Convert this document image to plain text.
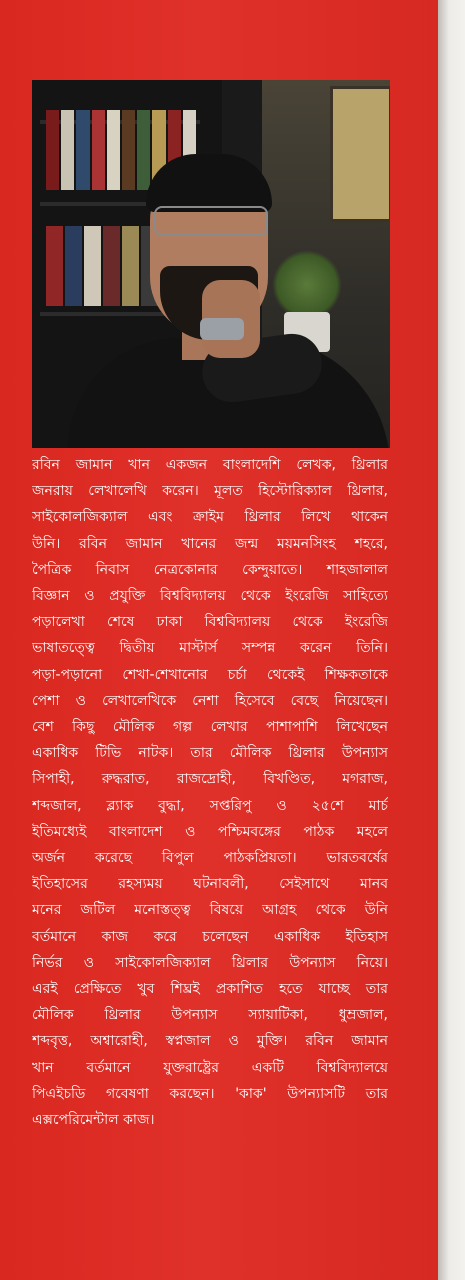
রবিন জামান খান একজন বাংলাদেশি লেখক, থ্রিলার
জনরায় লেখালেখি করেন। মূলত হিস্টোরিক্যাল থ্রিলার,
সাইকোলজিক্যাল এবং ক্রাইম থ্রিলার লিখে থাকেন
উনি। রবিন জামান খানের জন্ম ময়মনসিংহ শহরে,
পৈত্রিক নিবাস নেত্রকোনার কেন্দুয়াতে। শাহজালাল
বিজ্ঞান ও প্রযুক্তি বিশ্ববিদ্যালয় থেকে ইংরেজি সাহিত্যে
পড়ালেখা শেষে ঢাকা বিশ্ববিদ্যালয় থেকে ইংরেজি
ভাষাতত্ত্বে দ্বিতীয় মাস্টার্স সম্পন্ন করেন তিনি।
পড়া-পড়ানো শেখা-শেখানোর চর্চা থেকেই শিক্ষকতাকে
পেশা ও লেখালেখিকে নেশা হিসেবে বেছে নিয়েছেন।
বেশ কিছু মৌলিক গল্প লেখার পাশাপাশি লিখেছেন
একাধিক টিভি নাটক। তার মৌলিক থ্রিলার উপন্যাস
সিপাহী, রুদ্ধরাত, রাজদ্রোহী, বিখণ্ডিত, মগরাজ,
শব্দজাল, ব্ল্যাক বুদ্ধা, সপ্তরিপু ও ২৫শে মার্চ
ইতিমধ্যেই বাংলাদেশ ও পশ্চিমবঙ্গের পাঠক মহলে
অর্জন করেছে বিপুল পাঠকপ্রিয়তা। ভারতবর্ষের
ইতিহাসের রহস্যময় ঘটনাবলী, সেইসাথে মানব
মনের জটিল মনোস্তত্ত্ব বিষয়ে আগ্রহ থেকে উনি
বর্তমানে কাজ করে চলেছেন একাধিক ইতিহাস
নির্ভর ও সাইকোলজিক্যাল থ্রিলার উপন্যাস নিয়ে।
এরই প্রেক্ষিতে খুব শিঘ্রই প্রকাশিত হতে যাচ্ছে তার
মৌলিক থ্রিলার উপন্যাস স্যায়াটিকা, ধুম্রজাল,
শব্দবৃত্ত, অশ্বারোহী, স্বপ্নজাল ও মুক্তি। রবিন জামান
খান বর্তমানে যুক্তরাষ্ট্রের একটি বিশ্ববিদ্যালয়ে
পিএইচডি গবেষণা করছেন। 'কাক' উপন্যাসটি তার
এক্সপেরিমেন্টাল কাজ।
